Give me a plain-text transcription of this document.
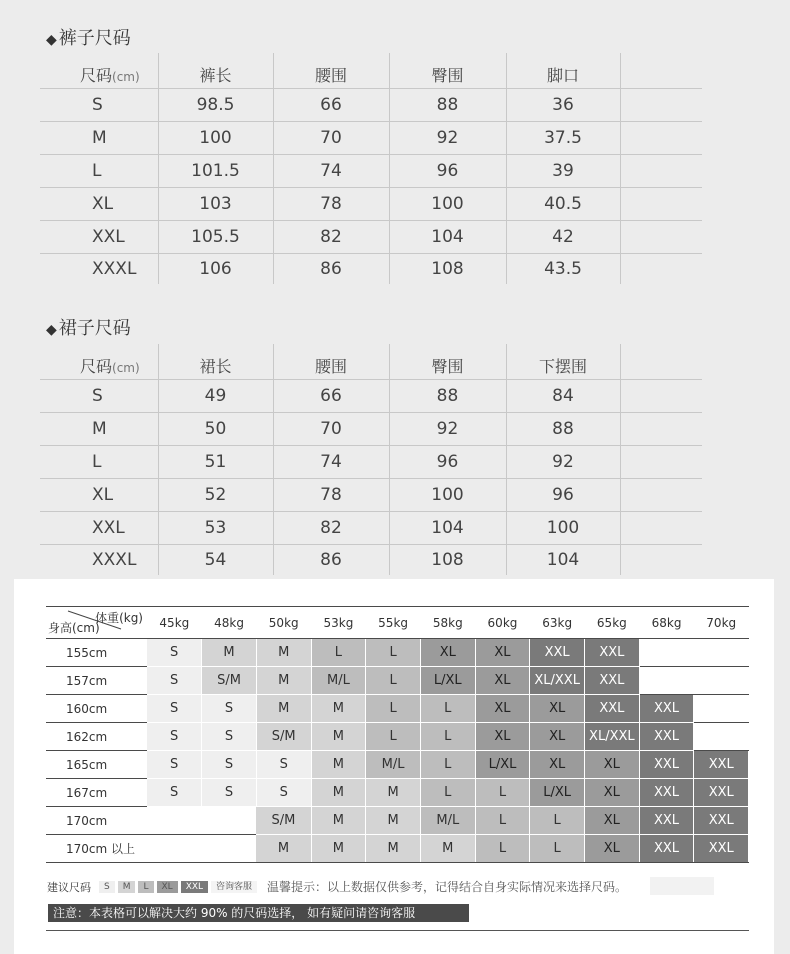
◆ 裤子尺码
尺码(cm)	裤长	腰围	臀围	脚口	
S	98.5	66	88	36	
M	100	70	92	37.5	
L	101.5	74	96	39	
XL	103	78	100	40.5	
XXL	105.5	82	104	42	
XXXL	106	86	108	43.5	
◆ 裙子尺码
尺码(cm)	裙长	腰围	臀围	下摆围	
S	49	66	88	84	
M	50	70	92	88	
L	51	74	96	92	
XL	52	78	100	96	
XXL	53	82	104	100	
XXXL	54	86	108	104	
体重(kg)
身高(cm)	45kg	48kg	50kg	53kg	55kg	58kg	60kg	63kg	65kg	68kg	70kg
155cm	S	M	M	L	L	XL	XL	XXL	XXL		
157cm	S	S/M	M	M/L	L	L/XL	XL	XL/XXL	XXL		
160cm	S	S	M	M	L	L	XL	XL	XXL	XXL	
162cm	S	S	S/M	M	L	L	XL	XL	XL/XXL	XXL	
165cm	S	S	S	M	M/L	L	L/XL	XL	XL	XXL	XXL
167cm	S	S	S	M	M	L	L	L/XL	XL	XXL	XXL
170cm			S/M	M	M	M/L	L	L	XL	XXL	XXL
170cm 以上			M	M	M	M	L	L	XL	XXL	XXL
建议尺码	S	M	L	XL	XXL	咨询客服	温馨提示：以上数据仅供参考，记得结合自身实际情况来选择尺码。
注意：本表格可以解决大约 90% 的尺码选择， 如有疑问请咨询客服
